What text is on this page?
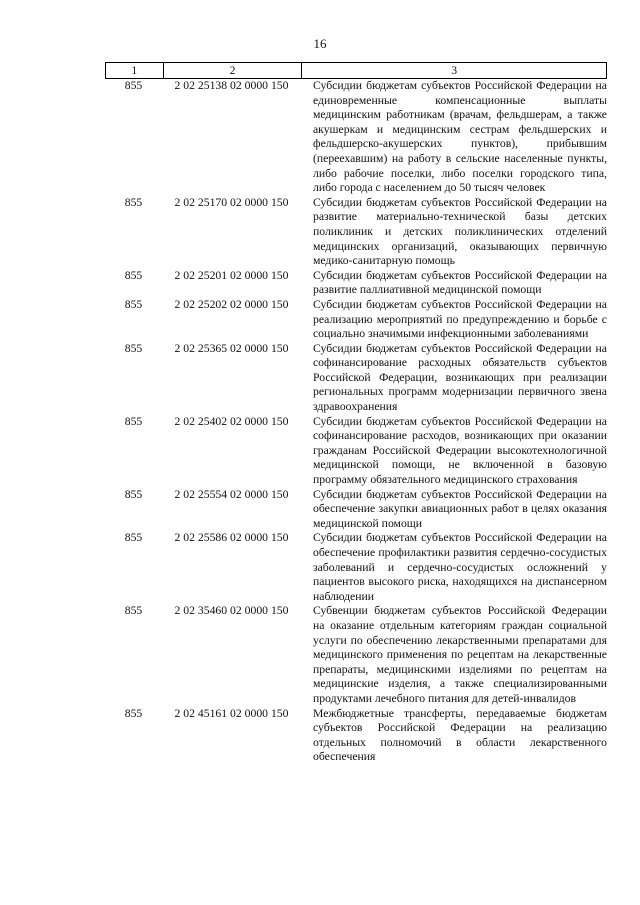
16
1	2	3
855	2 02 25138 02 0000 150	Субсидии бюджетам субъектов Российской Федерации на единовременные компенсационные выплаты медицинским работникам (врачам, фельдшерам, а также акушеркам и медицинским сестрам фельдшерских и фельдшерско-акушерских пунктов), прибывшим (переехавшим) на работу в сельские населенные пункты, либо рабочие поселки, либо поселки городского типа, либо города с населением до 50 тысяч человек
855	2 02 25170 02 0000 150	Субсидии бюджетам субъектов Российской Федерации на развитие материально-технической базы детских поликлиник и детских поликлинических отделений медицинских организаций, оказывающих первичную медико-санитарную помощь
855	2 02 25201 02 0000 150	Субсидии бюджетам субъектов Российской Федерации на развитие паллиативной медицинской помощи
855	2 02 25202 02 0000 150	Субсидии бюджетам субъектов Российской Федерации на реализацию мероприятий по предупреждению и борьбе с социально значимыми инфекционными заболеваниями
855	2 02 25365 02 0000 150	Субсидии бюджетам субъектов Российской Федерации на софинансирование расходных обязательств субъектов Российской Федерации, возникающих при реализации региональных программ модернизации первичного звена здравоохранения
855	2 02 25402 02 0000 150	Субсидии бюджетам субъектов Российской Федерации на софинансирование расходов, возникающих при оказании гражданам Российской Федерации высокотехнологичной медицинской помощи, не включенной в базовую программу обязательного медицинского страхования
855	2 02 25554 02 0000 150	Субсидии бюджетам субъектов Российской Федерации на обеспечение закупки авиационных работ в целях оказания медицинской помощи
855	2 02 25586 02 0000 150	Субсидии бюджетам субъектов Российской Федерации на обеспечение профилактики развития сердечно-сосудистых заболеваний и сердечно-сосудистых осложнений у пациентов высокого риска, находящихся на диспансерном наблюдении
855	2 02 35460 02 0000 150	Субвенции бюджетам субъектов Российской Федерации на оказание отдельным категориям граждан социальной услуги по обеспечению лекарственными препаратами для медицинского применения по рецептам на лекарственные препараты, медицинскими изделиями по рецептам на медицинские изделия, а также специализированными продуктами лечебного питания для детей-инвалидов
855	2 02 45161 02 0000 150	Межбюджетные трансферты, передаваемые бюджетам субъектов Российской Федерации на реализацию отдельных полномочий в области лекарственного обеспечения
